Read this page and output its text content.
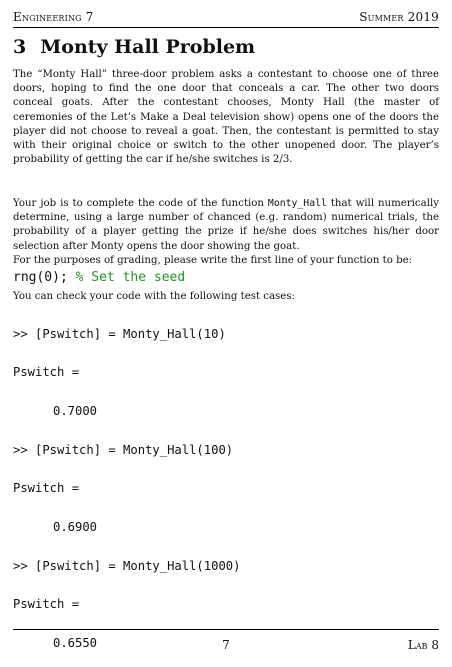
Engineering 7	Summer 2019
3 Monty Hall Problem
The “Monty Hall” three-door problem asks a contestant to choose one of three doors, hoping to find the one door that conceals a car. The other two doors conceal goats. After the contestant chooses, Monty Hall (the master of ceremonies of the Let’s Make a Deal television show) opens one of the doors the player did not choose to reveal a goat. Then, the contestant is permitted to stay with their original choice or switch to the other unopened door. The player’s probability of getting the car if he/she switches is 2/3.
Your job is to complete the code of the function Monty_Hall that will numerically determine, using a large number of chanced (e.g. random) numerical trials, the probability of a player getting the prize if he/she does switches his/her door selection after Monty opens the door showing the goat.
For the purposes of grading, please write the first line of your function to be:
rng(0); % Set the seed
You can check your code with the following test cases:
>> [Pswitch] = Monty_Hall(10)
Pswitch =
0.7000
>> [Pswitch] = Monty_Hall(100)
Pswitch =
0.6900
>> [Pswitch] = Monty_Hall(1000)
Pswitch =
0.6550	7	Lab 8
